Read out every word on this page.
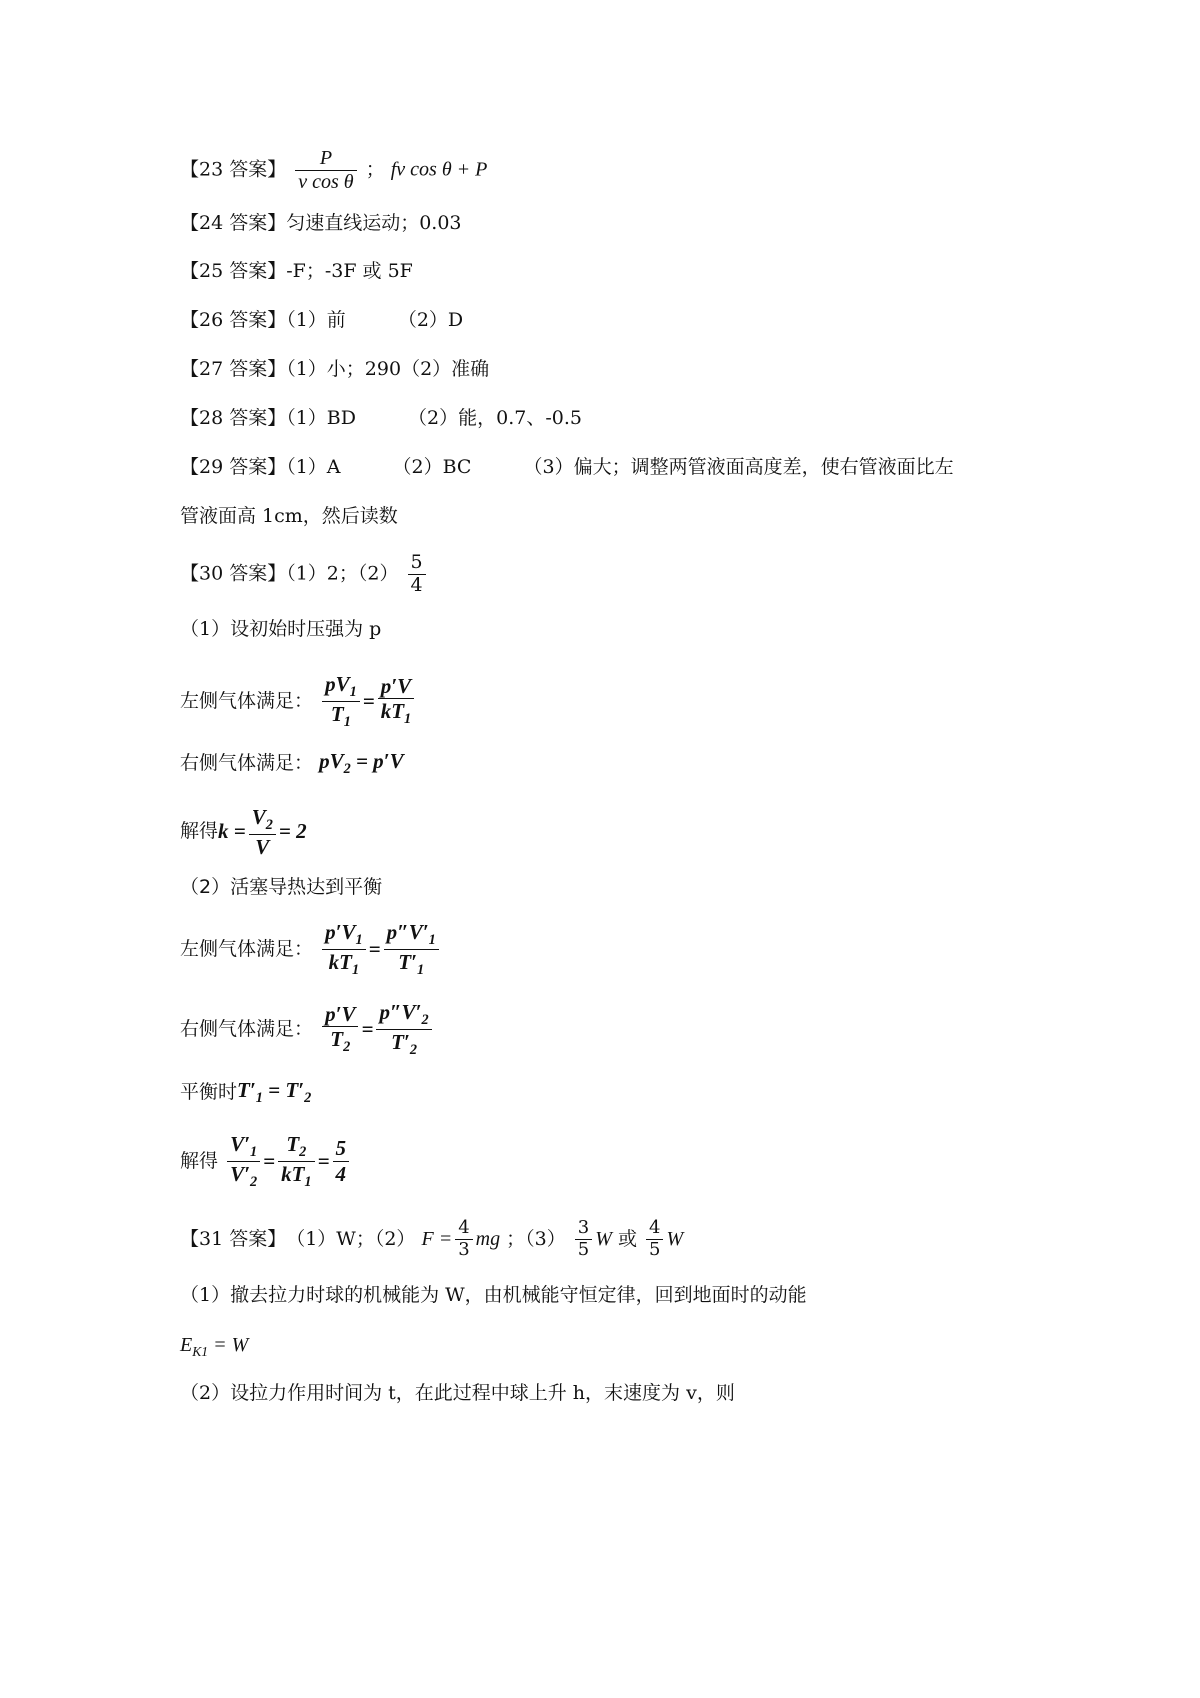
【23 答案】 $\frac{P}{\text{v cos θ}}$ ； fv cos θ + P
【24 答案】匀速直线运动；0.03
【25 答案】-F；-3F 或 5F
【26 答案】（1）前	（2）D
【27 答案】（1）小；290（2）准确
【28 答案】（1）BD	（2）能，0.7、-0.5
【29 答案】（1）A	（2）BC	（3）偏大；调整两管液面高度差，使右管液面比左
管液面高 1cm，然后读数
【30 答案】（1）2；$(2) \frac{5}{4}$
（1）设初始时压强为 p
左侧气体满足： $\frac{pV_1}{T_1} = \frac{p'V}{kT_1}$
右侧气体满足： $pV_2 = p'V$
解得$k = \frac{V_2}{V} = 2$
（2）活塞导热达到平衡
左侧气体满足： $\frac{p'V_1}{kT_1} = \frac{p''V'_1}{T'_1}$
右侧气体满足： $\frac{p'V}{T_2} = \frac{p''V'_2}{T'_2}$
平衡时$T'_1 = T'_2$
解得 $\frac{V'_1}{V'_2} = \frac{T_2}{kT_1} = \frac{5}{4}$
【31 答案】（1）W；（2） $F = \frac{4}{3}$ mg ；$(3) \frac{3}{5}$ W 或 $\frac{4}{5}$ W
（1）撤去拉力时球的机械能为 W，由机械能守恒定律，回到地面时的动能
$E_{K1} = W$
（2）设拉力作用时间为 t，在此过程中球上升 h，末速度为 v，则
